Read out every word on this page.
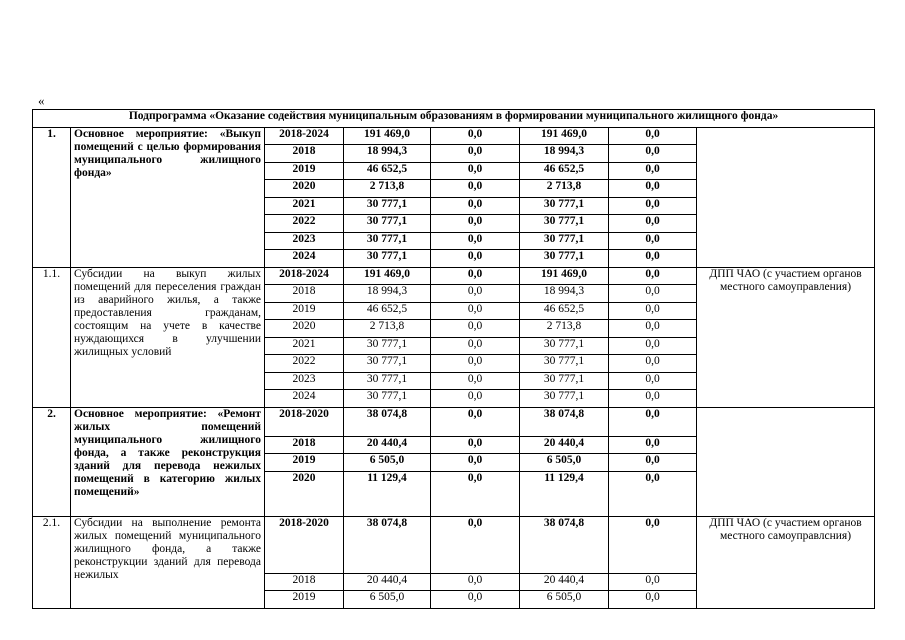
«
Подпрограмма «Оказание содействия муниципальным образованиям в формировании муниципального жилищного фонда»							
1.	Основное мероприятие: «Выкуп помещений с целью формирования муниципального жилищного фонда»	2018-2024	191 469,0	0,0	191 469,0	0,0	
		2018	18 994,3	0,0	18 994,3	0,0	
		2019	46 652,5	0,0	46 652,5	0,0	
		2020	2 713,8	0,0	2 713,8	0,0	
		2021	30 777,1	0,0	30 777,1	0,0	
		2022	30 777,1	0,0	30 777,1	0,0	
		2023	30 777,1	0,0	30 777,1	0,0	
		2024	30 777,1	0,0	30 777,1	0,0	
1.1.	Субсидии на выкуп жилых помещений для переселения граждан из аварийного жилья, а также предоставления гражданам, состоящим на учете в качестве нуждающихся в улучшении жилищных условий	2018-2024	191 469,0	0,0	191 469,0	0,0	ДПП ЧАО (с участием органов местного самоуправления)
		2018	18 994,3	0,0	18 994,3	0,0	
		2019	46 652,5	0,0	46 652,5	0,0	
		2020	2 713,8	0,0	2 713,8	0,0	
		2021	30 777,1	0,0	30 777,1	0,0	
		2022	30 777,1	0,0	30 777,1	0,0	
		2023	30 777,1	0,0	30 777,1	0,0	
		2024	30 777,1	0,0	30 777,1	0,0	
2.	Основное мероприятие: «Ремонт жилых помещений муниципального жилищного фонда, а также реконструкция зданий для перевода нежилых помещений в категорию жилых помещений»	2018-2020	38 074,8	0,0	38 074,8	0,0	
		2018	20 440,4	0,0	20 440,4	0,0	
		2019	6 505,0	0,0	6 505,0	0,0	
		2020	11 129,4	0,0	11 129,4	0,0	
2.1.	Субсидии на выполнение ремонта жилых помещений муниципального жилищного фонда, а также реконструкции зданий для перевода нежилых	2018-2020	38 074,8	0,0	38 074,8	0,0	ДПП ЧАО (с участием органов местного самоуправлсния)
		2018	20 440,4	0,0	20 440,4	0,0	
		2019	6 505,0	0,0	6 505,0	0,0	
